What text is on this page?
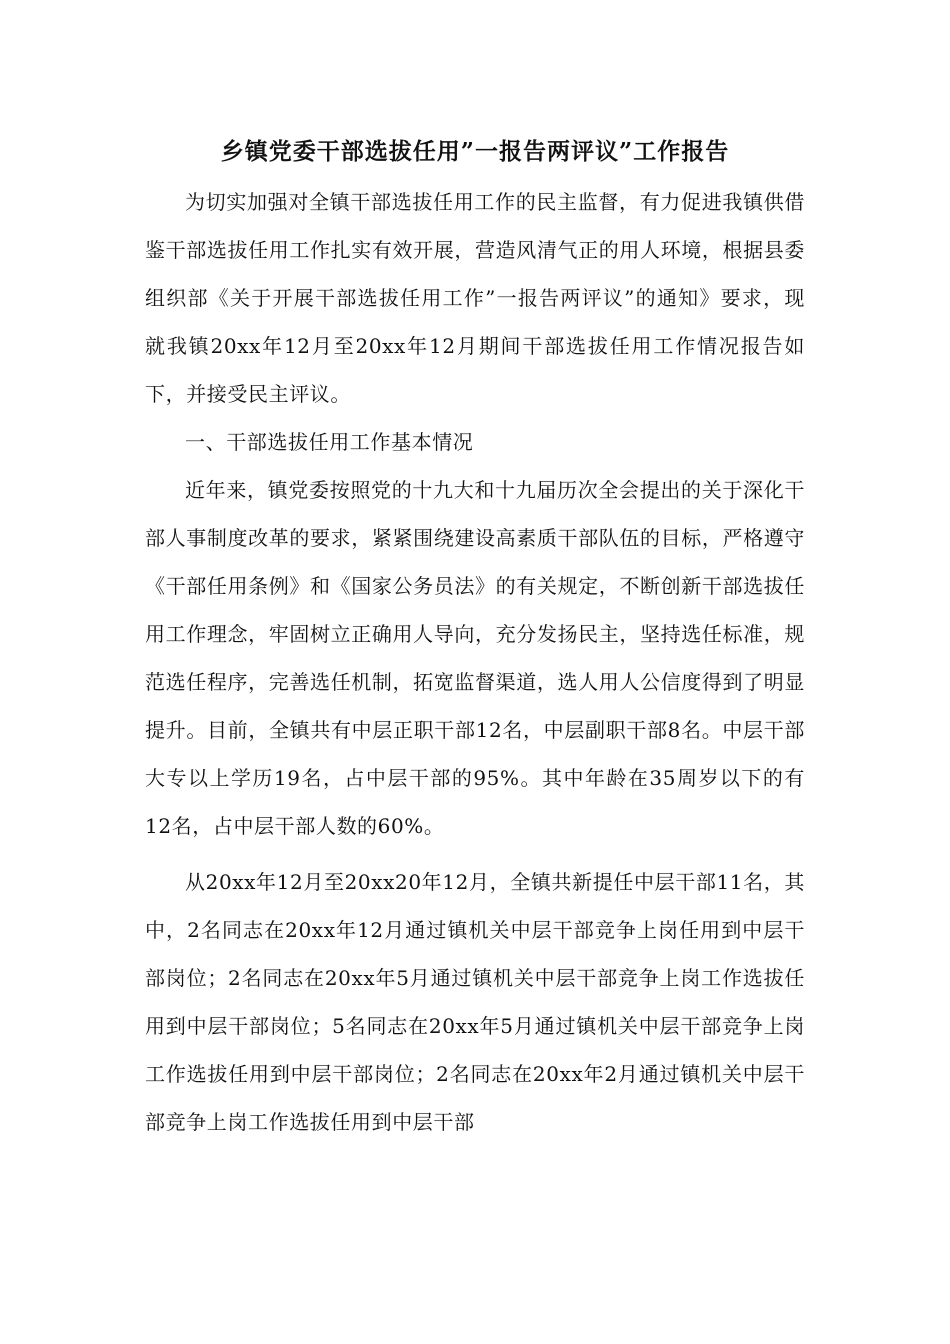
乡镇党委干部选拔任用”一报告两评议”工作报告

为切实加强对全镇干部选拔任用工作的民主监督，有力促进我镇供借鉴干部选拔任用工作扎实有效开展，营造风清气正的用人环境，根据县委组织部《关于开展干部选拔任用工作”一报告两评议”的通知》要求，现就我镇20xx年12月至20xx年12月期间干部选拔任用工作情况报告如下，并接受民主评议。

一、干部选拔任用工作基本情况

近年来，镇党委按照党的十九大和十九届历次全会提出的关于深化干部人事制度改革的要求，紧紧围绕建设高素质干部队伍的目标，严格遵守《干部任用条例》和《国家公务员法》的有关规定，不断创新干部选拔任用工作理念，牢固树立正确用人导向，充分发扬民主，坚持选任标准，规范选任程序，完善选任机制，拓宽监督渠道，选人用人公信度得到了明显提升。目前，全镇共有中层正职干部12名，中层副职干部8名。中层干部大专以上学历19名，占中层干部的95%。其中年龄在35周岁以下的有12名，占中层干部人数的60%。

从20xx年12月至20xx20年12月，全镇共新提任中层干部11名，其中，2名同志在20xx年12月通过镇机关中层干部竞争上岗任用到中层干部岗位；2名同志在20xx年5月通过镇机关中层干部竞争上岗工作选拔任用到中层干部岗位；5名同志在20xx年5月通过镇机关中层干部竞争上岗工作选拔任用到中层干部岗位；2名同志在20xx年2月通过镇机关中层干部竞争上岗工作选拔任用到中层干部
